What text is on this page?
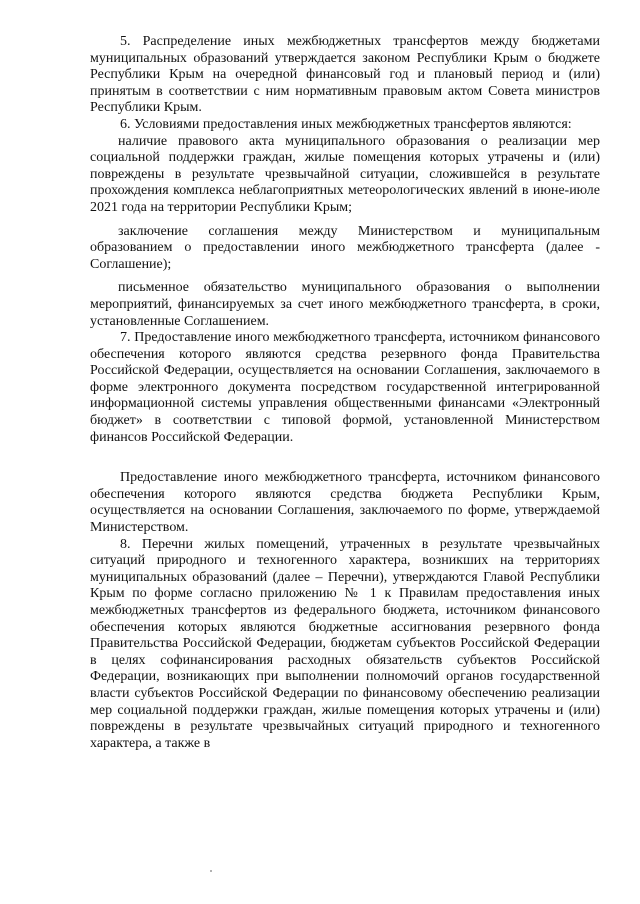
5. Распределение иных межбюджетных трансфертов между бюджетами муниципальных образований утверждается законом Республики Крым о бюджете Республики Крым на очередной финансовый год и плановый период и (или) принятым в соответствии с ним нормативным правовым актом Совета министров Республики Крым.

6. Условиями предоставления иных межбюджетных трансфертов являются:

наличие правового акта муниципального образования о реализации мер социальной поддержки граждан, жилые помещения которых утрачены и (или) повреждены в результате чрезвычайной ситуации, сложившейся в результате прохождения комплекса неблагоприятных метеорологических явлений в июне-июле 2021 года на территории Республики Крым;

заключение соглашения между Министерством и муниципальным образованием о предоставлении иного межбюджетного трансферта (далее - Соглашение);

письменное обязательство муниципального образования о выполнении мероприятий, финансируемых за счет иного межбюджетного трансферта, в сроки, установленные Соглашением.

7. Предоставление иного межбюджетного трансферта, источником финансового обеспечения которого являются средства резервного фонда Правительства Российской Федерации, осуществляется на основании Соглашения, заключаемого в форме электронного документа посредством государственной интегрированной информационной системы управления общественными финансами «Электронный бюджет» в соответствии с типовой формой, установленной Министерством финансов Российской Федерации.

Предоставление иного межбюджетного трансферта, источником финансового обеспечения которого являются средства бюджета Республики Крым, осуществляется на основании Соглашения, заключаемого по форме, утверждаемой Министерством.

8. Перечни жилых помещений, утраченных в результате чрезвычайных ситуаций природного и техногенного характера, возникших на территориях муниципальных образований (далее – Перечни), утверждаются Главой Республики Крым по форме согласно приложению № 1 к Правилам предоставления иных межбюджетных трансфертов из федерального бюджета, источником финансового обеспечения которых являются бюджетные ассигнования резервного фонда Правительства Российской Федерации, бюджетам субъектов Российской Федерации в целях софинансирования расходных обязательств субъектов Российской Федерации, возникающих при выполнении полномочий органов государственной власти субъектов Российской Федерации по финансовому обеспечению реализации мер социальной поддержки граждан, жилые помещения которых утрачены и (или) повреждены в результате чрезвычайных ситуаций природного и техногенного характера, а также в
